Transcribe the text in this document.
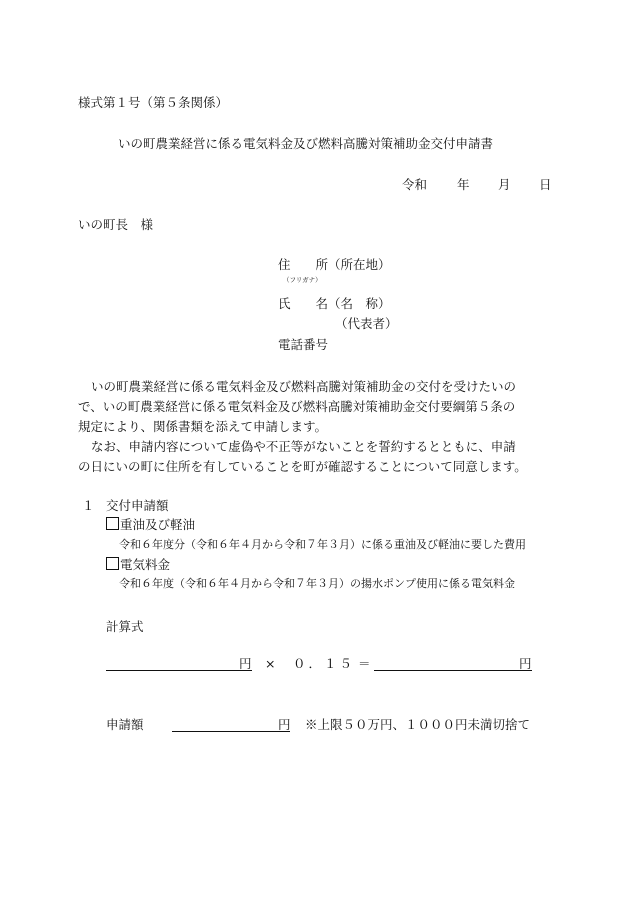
様式第１号（第５条関係）
いの町農業経営に係る電気料金及び燃料高騰対策補助金交付申請書
令和 年 月 日
いの町長　様
住　　所（所在地）
（フリガナ）
氏　　名（名　称）
（代表者）
電話番号

いの町農業経営に係る電気料金及び燃料高騰対策補助金の交付を受けたいの

で、いの町農業経営に係る電気料金及び燃料高騰対策補助金交付要綱第５条の

規定により、関係書類を添えて申請します。

なお、申請内容について虚偽や不正等がないことを誓約するとともに、申請

の日にいの町に住所を有していることを町が確認することについて同意します。

１ 交付申請額
重油及び軽油
令和６年度分（令和６年４月から令和７年３月）に係る重油及び軽油に要した費用
電気料金
令和６年度（令和６年４月から令和７年３月）の揚水ポンプ使用に係る電気料金
計算式
円 × ０．１５ ＝	円
申請額	円 ※上限５０万円、１０００円未満切捨て
